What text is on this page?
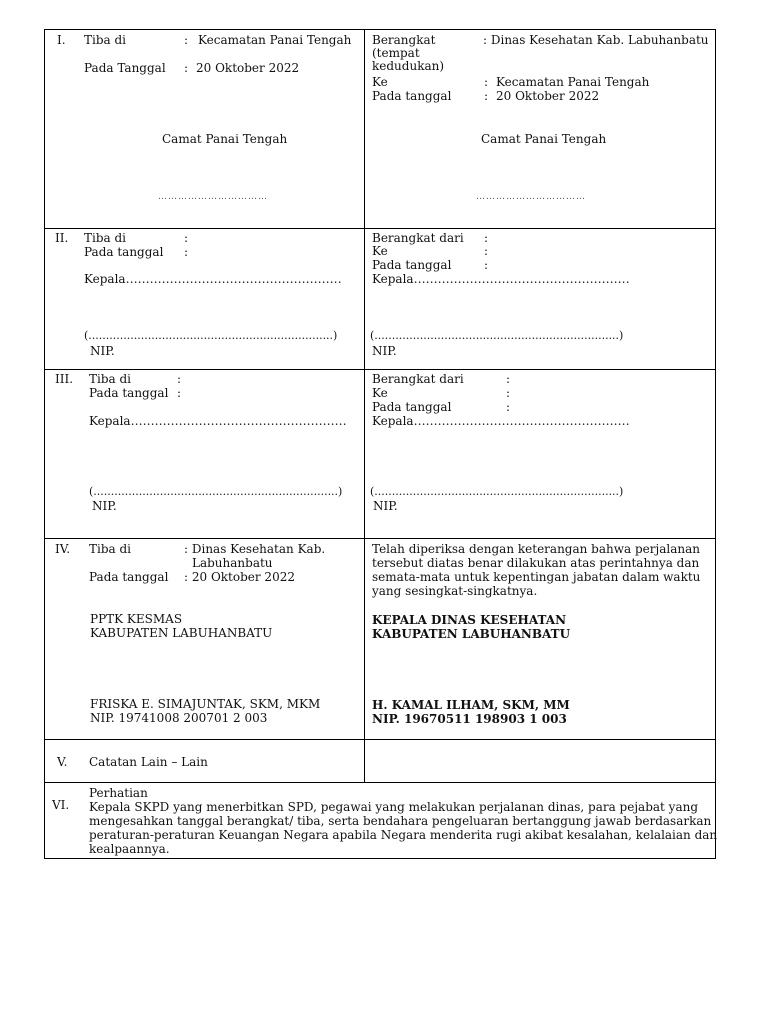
I. Tiba di	: Kecamatan Panai Tengah
Pada Tanggal : 20 Oktober 2022
Camat Panai Tengah
……………………………
Berangkat	: Dinas Kesehatan Kab. Labuhanbatu
(tempat
kedudukan)
Ke	: Kecamatan Panai Tengah
Pada tanggal	: 20 Oktober 2022
Camat Panai Tengah
……………………………
II. Tiba di	:
Pada tanggal :
Kepala………………………………………………
(......................................................................)
NIP.
Berangkat dari :
Ke	:
Pada tanggal	:
Kepala………………………………………………
(......................................................................)
NIP.
III. Tiba di	:
Pada tanggal :
Kepala………………………………………………
(......................................................................)
NIP.
Berangkat dari	:
Ke	:
Pada tanggal	:
Kepala………………………………………………
(......................................................................)
NIP.
IV. Tiba di	: Dinas Kesehatan Kab.
Labuhanbatu
Pada tanggal : 20 Oktober 2022
PPTK KESMAS
KABUPATEN LABUHANBATU
FRISKA E. SIMAJUNTAK, SKM, MKM
NIP. 19741008 200701 2 003
Telah diperiksa dengan keterangan bahwa perjalanan
tersebut diatas benar dilakukan atas perintahnya dan
semata-mata untuk kepentingan jabatan dalam waktu
yang sesingkat-singkatnya.
KEPALA DINAS KESEHATAN
KABUPATEN LABUHANBATU
H. KAMAL ILHAM, SKM, MM
NIP. 19670511 198903 1 003
V. Catatan Lain – Lain
VI.
Perhatian
Kepala SKPD yang menerbitkan SPD, pegawai yang melakukan perjalanan dinas, para pejabat yang
mengesahkan tanggal berangkat/ tiba, serta bendahara pengeluaran bertanggung jawab berdasarkan
peraturan-peraturan Keuangan Negara apabila Negara menderita rugi akibat kesalahan, kelalaian dan
kealpaannya.
